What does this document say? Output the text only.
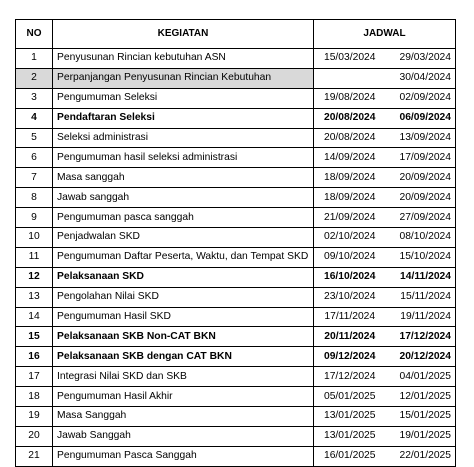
NO	KEGIATAN	JADWAL	
1	Penyusunan Rincian kebutuhan ASN	15/03/2024	29/03/2024
2	Perpanjangan Penyusunan Rincian Kebutuhan		30/04/2024
3	Pengumuman Seleksi	19/08/2024	02/09/2024
4	Pendaftaran Seleksi	20/08/2024	06/09/2024
5	Seleksi administrasi	20/08/2024	13/09/2024
6	Pengumuman hasil seleksi administrasi	14/09/2024	17/09/2024
7	Masa sanggah	18/09/2024	20/09/2024
8	Jawab sanggah	18/09/2024	20/09/2024
9	Pengumuman pasca sanggah	21/09/2024	27/09/2024
10	Penjadwalan SKD	02/10/2024	08/10/2024
11	Pengumuman Daftar Peserta, Waktu, dan Tempat SKD	09/10/2024	15/10/2024
12	Pelaksanaan SKD	16/10/2024	14/11/2024
13	Pengolahan Nilai SKD	23/10/2024	15/11/2024
14	Pengumuman Hasil SKD	17/11/2024	19/11/2024
15	Pelaksanaan SKB Non-CAT BKN	20/11/2024	17/12/2024
16	Pelaksanaan SKB dengan CAT BKN	09/12/2024	20/12/2024
17	Integrasi Nilai SKD dan SKB	17/12/2024	04/01/2025
18	Pengumuman Hasil Akhir	05/01/2025	12/01/2025
19	Masa Sanggah	13/01/2025	15/01/2025
20	Jawab Sanggah	13/01/2025	19/01/2025
21	Pengumuman Pasca Sanggah	16/01/2025	22/01/2025
